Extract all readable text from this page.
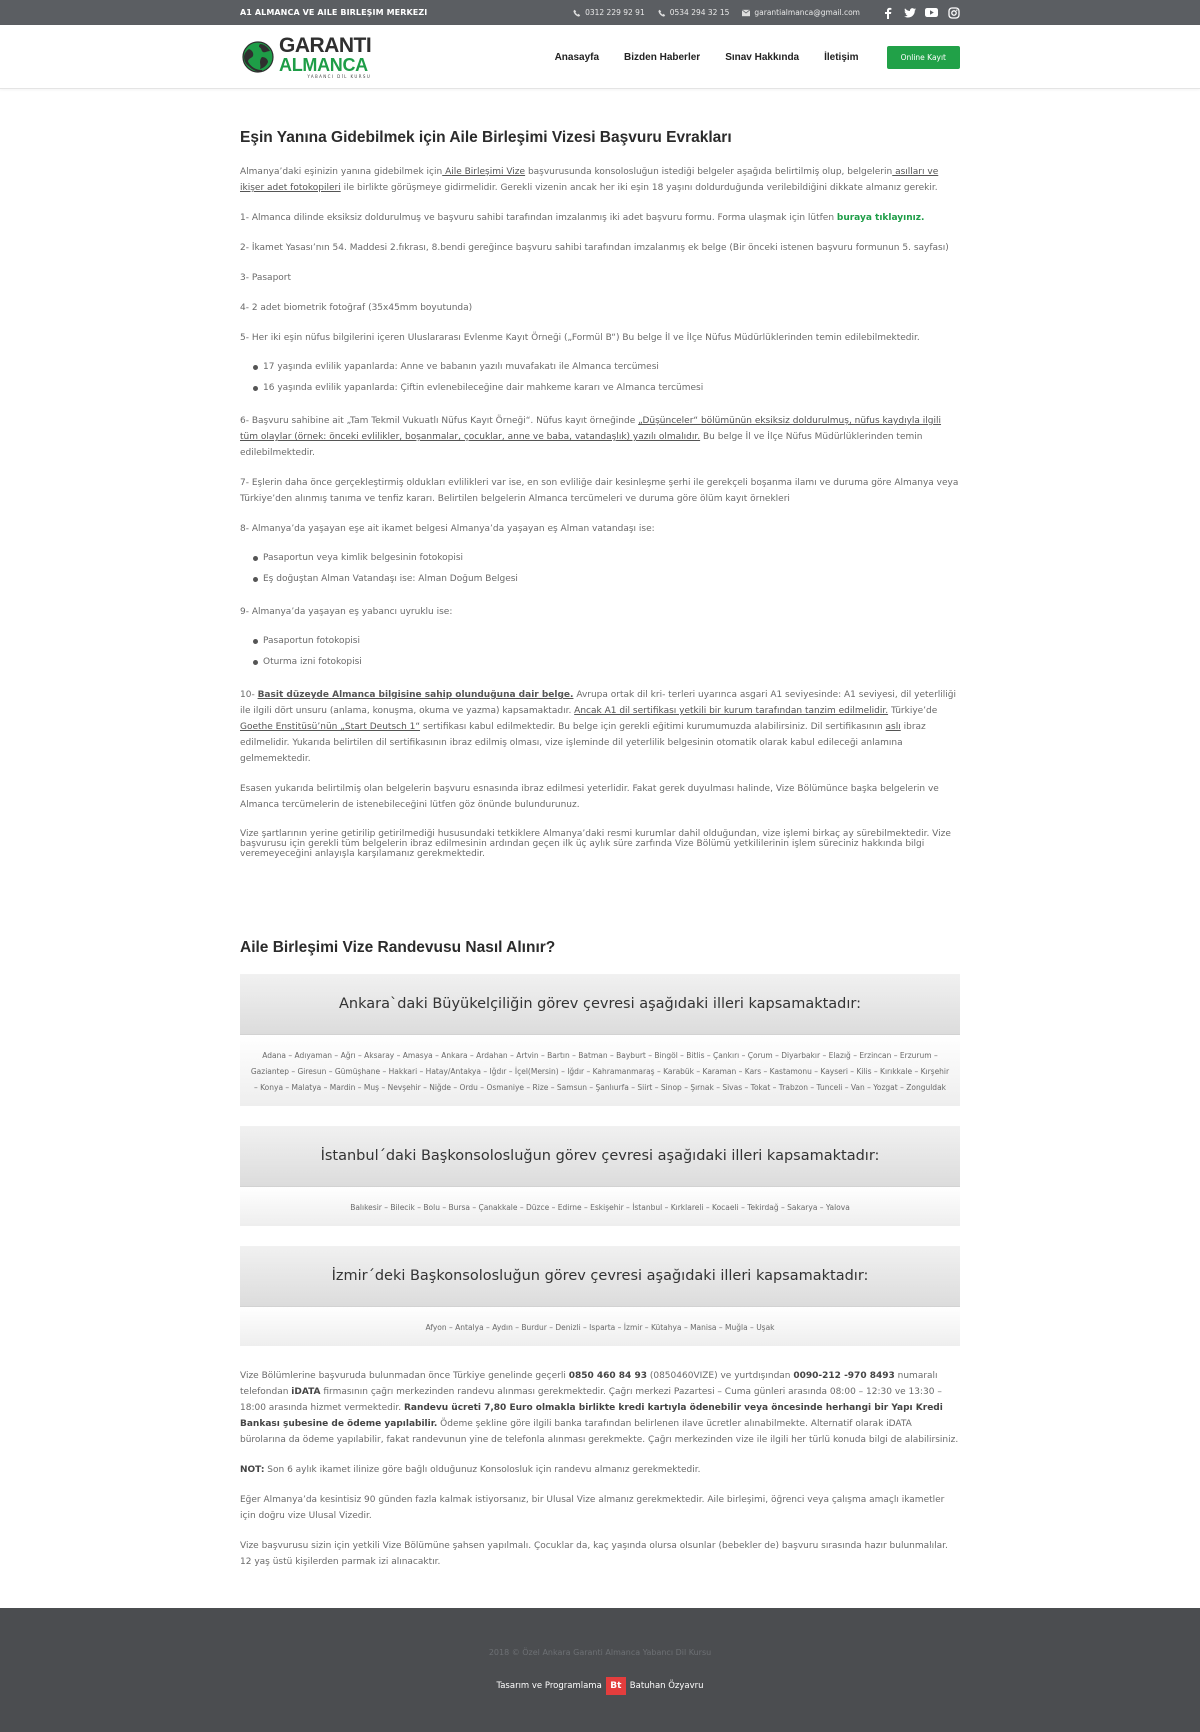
A1 ALMANCA VE AILE BIRLEŞIM MERKEZI	0312 229 92 91	0534 294 32 15	garantialmanca@gmail.com
GARANTI
ALMANCA
YABANCI DİL KURSU
Anasayfa	Bizden Haberler	Sınav Hakkında	İletişim	Online Kayıt
Eşin Yanına Gidebilmek için Aile Birleşimi Vizesi Başvuru Evrakları

Almanya’daki eşinizin yanına gidebilmek için Aile Birleşimi Vize başvurusunda konsolosluğun istediği belgeler aşağıda belirtilmiş olup, belgelerin asılları ve ikişer adet fotokopileri ile birlikte görüşmeye gidirmelidir. Gerekli vizenin ancak her iki eşin 18 yaşını doldurduğunda verilebildiğini dikkate almanız gerekir.

1- Almanca dilinde eksiksiz doldurulmuş ve başvuru sahibi tarafından imzalanmış iki adet başvuru formu. Forma ulaşmak için lütfen buraya tıklayınız.

2- İkamet Yasası’nın 54. Maddesi 2.fıkrası, 8.bendi gereğince başvuru sahibi tarafından imzalanmış ek belge (Bir önceki istenen başvuru formunun 5. sayfası)

3- Pasaport

4- 2 adet biometrik fotoğraf (35x45mm boyutunda)

5- Her iki eşin nüfus bilgilerini içeren Uluslararası Evlenme Kayıt Örneği („Formül B“) Bu belge İl ve İlçe Nüfus Müdürlüklerinden temin edilebilmektedir.

17 yaşında evlilik yapanlarda: Anne ve babanın yazılı muvafakatı ile Almanca tercümesi
16 yaşında evlilik yapanlarda: Çiftin evlenebileceğine dair mahkeme kararı ve Almanca tercümesi

6- Başvuru sahibine ait „Tam Tekmil Vukuatlı Nüfus Kayıt Örneği“. Nüfus kayıt örneğinde „Düşünceler“ bölümünün eksiksiz doldurulmuş, nüfus kaydıyla ilgili tüm olaylar (örnek: önceki evlilikler, boşanmalar, çocuklar, anne ve baba, vatandaşlık) yazılı olmalıdır. Bu belge İl ve İlçe Nüfus Müdürlüklerinden temin edilebilmektedir.

7- Eşlerin daha önce gerçekleştirmiş oldukları evlilikleri var ise, en son evliliğe dair kesinleşme şerhi ile gerekçeli boşanma ilamı ve duruma göre Almanya veya Türkiye’den alınmış tanıma ve tenfiz kararı. Belirtilen belgelerin Almanca tercümeleri ve duruma göre ölüm kayıt örnekleri

8- Almanya’da yaşayan eşe ait ikamet belgesi Almanya’da yaşayan eş Alman vatandaşı ise:

Pasaportun veya kimlik belgesinin fotokopisi
Eş doğuştan Alman Vatandaşı ise: Alman Doğum Belgesi

9- Almanya’da yaşayan eş yabancı uyruklu ise:

Pasaportun fotokopisi
Oturma izni fotokopisi

10- Basit düzeyde Almanca bilgisine sahip olunduğuna dair belge. Avrupa ortak dil kri- terleri uyarınca asgari A1 seviyesinde: A1 seviyesi, dil yeterliliği ile ilgili dört unsuru (anlama, konuşma, okuma ve yazma) kapsamaktadır. Ancak A1 dil sertifikası yetkili bir kurum tarafından tanzim edilmelidir. Türkiye’de Goethe Enstitüsü’nün „Start Deutsch 1“ sertifikası kabul edilmektedir. Bu belge için gerekli eğitimi kurumumuzda alabilirsiniz. Dil sertifikasının aslı ibraz edilmelidir. Yukarıda belirtilen dil sertifikasının ibraz edilmiş olması, vize işleminde dil yeterlilik belgesinin otomatik olarak kabul edileceği anlamına gelmemektedir.

Esasen yukarıda belirtilmiş olan belgelerin başvuru esnasında ibraz edilmesi yeterlidir. Fakat gerek duyulması halinde, Vize Bölümünce başka belgelerin ve Almanca tercümelerin de istenebileceğini lütfen göz önünde bulundurunuz.

Vize şartlarının yerine getirilip getirilmediği hususundaki tetkiklere Almanya’daki resmi kurumlar dahil olduğundan, vize işlemi birkaç ay sürebilmektedir. Vize başvurusu için gerekli tüm belgelerin ibraz edilmesinin ardından geçen ilk üç aylık süre zarfında Vize Bölümü yetkililerinin işlem süreciniz hakkında bilgi veremeyeceğini anlayışla karşılamanız gerekmektedir.

Aile Birleşimi Vize Randevusu Nasıl Alınır?
Ankara`daki Büyükelçiliğin görev çevresi aşağıdaki illeri kapsamaktadır:
Adana – Adıyaman – Ağrı – Aksaray – Amasya – Ankara – Ardahan – Artvin – Bartın – Batman – Bayburt – Bingöl – Bitlis – Çankırı – Çorum – Diyarbakır – Elazığ – Erzincan – Erzurum – Gaziantep – Giresun – Gümüşhane – Hakkari – Hatay/Antakya – Iğdır – İçel(Mersin) – Iğdır – Kahramanmaraş – Karabük – Karaman – Kars – Kastamonu – Kayseri – Kilis – Kırıkkale – Kırşehir – Konya – Malatya – Mardin – Muş – Nevşehir – Niğde – Ordu – Osmaniye – Rize – Samsun – Şanlıurfa – Siirt – Sinop – Şırnak – Sivas – Tokat – Trabzon – Tunceli – Van – Yozgat – Zonguldak
İstanbul´daki Başkonsolosluğun görev çevresi aşağıdaki illeri kapsamaktadır:
Balıkesir – Bilecik – Bolu – Bursa – Çanakkale – Düzce – Edirne – Eskişehir – İstanbul – Kırklareli – Kocaeli – Tekirdağ – Sakarya – Yalova
İzmir´deki Başkonsolosluğun görev çevresi aşağıdaki illeri kapsamaktadır:
Afyon – Antalya – Aydın – Burdur – Denizli – Isparta – İzmir – Kütahya – Manisa – Muğla – Uşak

Vize Bölümlerine başvuruda bulunmadan önce Türkiye genelinde geçerli 0850 460 84 93 (0850460VIZE) ve yurtdışından 0090-212 -970 8493 numaralı telefondan iDATA firmasının çağrı merkezinden randevu alınması gerekmektedir. Çağrı merkezi Pazartesi – Cuma günleri arasında 08:00 – 12:30 ve 13:30 – 18:00 arasında hizmet vermektedir. Randevu ücreti 7,80 Euro olmakla birlikte kredi kartıyla ödenebilir veya öncesinde herhangi bir Yapı Kredi Bankası şubesine de ödeme yapılabilir. Ödeme şekline göre ilgili banka tarafından belirlenen ilave ücretler alınabilmekte. Alternatif olarak iDATA bürolarına da ödeme yapılabilir, fakat randevunun yine de telefonla alınması gerekmekte. Çağrı merkezinden vize ile ilgili her türlü konuda bilgi de alabilirsiniz.

NOT: Son 6 aylık ikamet ilinize göre bağlı olduğunuz Konsolosluk için randevu almanız gerekmektedir.

Eğer Almanya’da kesintisiz 90 günden fazla kalmak istiyorsanız, bir Ulusal Vize almanız gerekmektedir. Aile birleşimi, öğrenci veya çalışma amaçlı ikametler için doğru vize Ulusal Vizedir.

Vize başvurusu sizin için yetkili Vize Bölümüne şahsen yapılmalı. Çocuklar da, kaç yaşında olursa olsunlar (bebekler de) başvuru sırasında hazır bulunmalılar. 12 yaş üstü kişilerden parmak izi alınacaktır.

2018 © Özel Ankara Garanti Almanca Yabancı Dil Kursu
Tasarım ve Programlama Bt Batuhan Özyavru
